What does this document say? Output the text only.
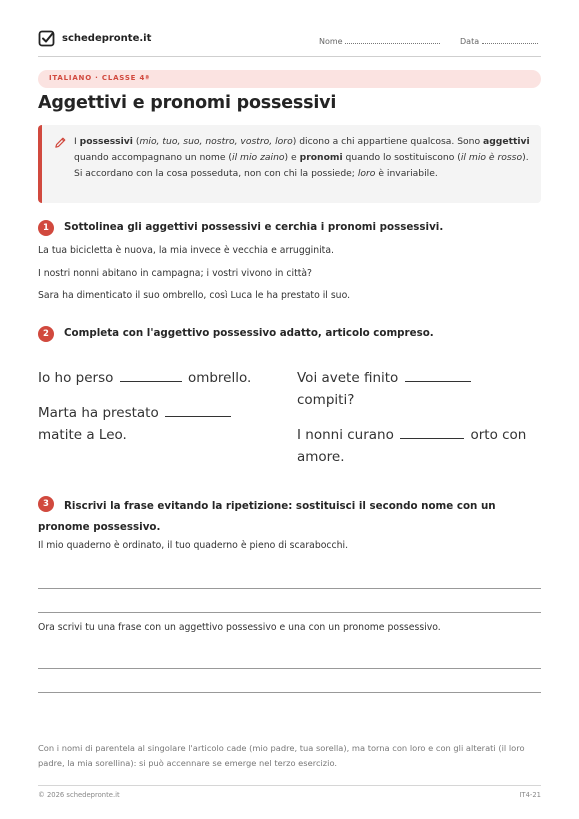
schedepronte.it	Nome	Data
ITALIANO · CLASSE 4ª
Aggettivi e pronomi possessivi
I possessivi (mio, tuo, suo, nostro, vostro, loro) dicono a chi appartiene qualcosa. Sono aggettivi quando accompagnano un nome (il mio zaino) e pronomi quando lo sostituiscono (il mio è rosso). Si accordano con la cosa posseduta, non con chi la possiede; loro è invariabile.
1	Sottolinea gli aggettivi possessivi e cerchia i pronomi possessivi.
La tua bicicletta è nuova, la mia invece è vecchia e arrugginita.
I nostri nonni abitano in campagna; i vostri vivono in città?
Sara ha dimenticato il suo ombrello, così Luca le ha prestato il suo.
2	Completa con l'aggettivo possessivo adatto, articolo compreso.
Io ho perso	ombrello.	Voi avete finito  compiti?
Marta ha prestato  matite a Leo.	I nonni curano	orto con amore.
3	Riscrivi la frase evitando la ripetizione: sostituisci il secondo nome con un pronome possessivo.
Il mio quaderno è ordinato, il tuo quaderno è pieno di scarabocchi.
Ora scrivi tu una frase con un aggettivo possessivo e una con un pronome possessivo.
Con i nomi di parentela al singolare l'articolo cade (mio padre, tua sorella), ma torna con loro e con gli alterati (il loro padre, la mia sorellina): si può accennare se emerge nel terzo esercizio.
© 2026 schedepronte.it	IT4-21
